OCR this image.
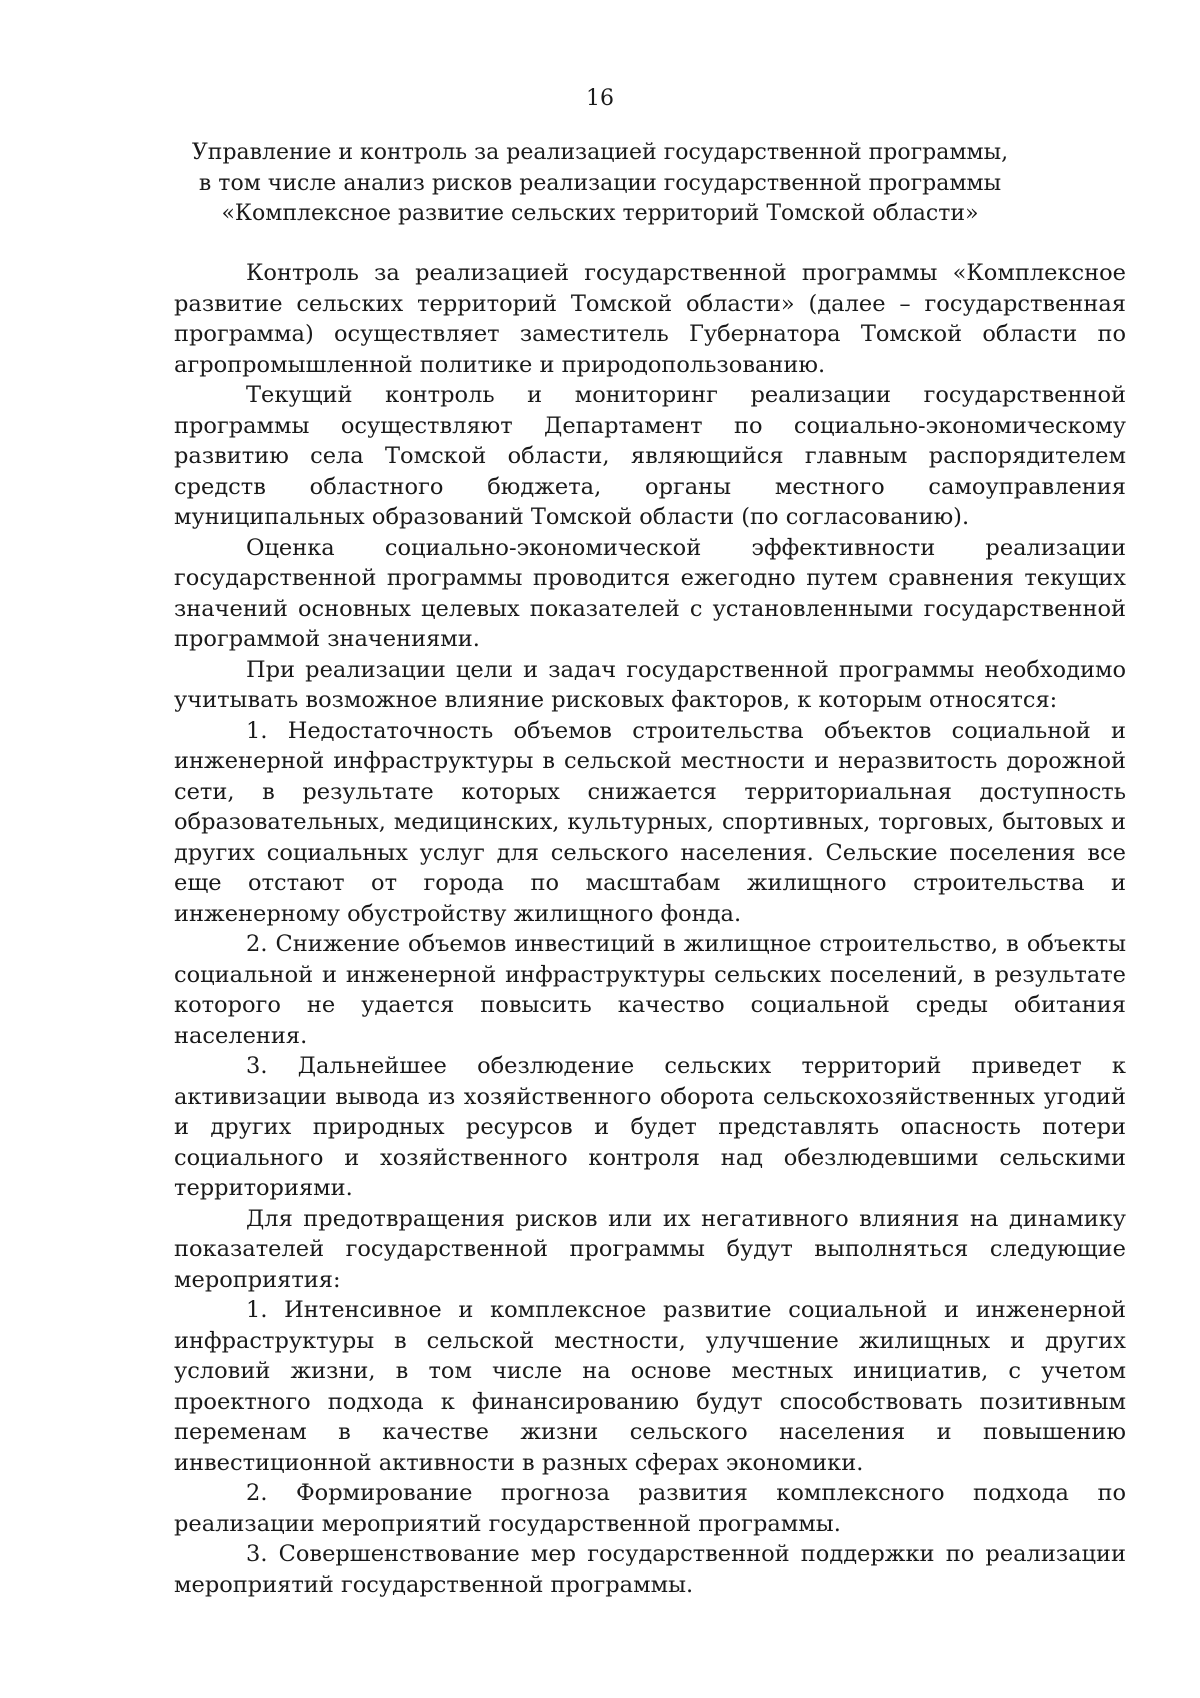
16
Управление и контроль за реализацией государственной программы,
в том числе анализ рисков реализации государственной программы
«Комплексное развитие сельских территорий Томской области»

Контроль за реализацией государственной программы «Комплексное развитие сельских территорий Томской области» (далее – государственная программа) осуществляет заместитель Губернатора Томской области по агропромышленной политике и природопользованию.

Текущий контроль и мониторинг реализации государственной программы осуществляют Департамент по социально-экономическому развитию села Томской области, являющийся главным распорядителем средств областного бюджета, органы местного самоуправления муниципальных образований Томской области (по согласованию).

Оценка социально-экономической эффективности реализации государственной программы проводится ежегодно путем сравнения текущих значений основных целевых показателей с установленными государственной программой значениями.

При реализации цели и задач государственной программы необходимо учитывать возможное влияние рисковых факторов, к которым относятся:

1. Недостаточность объемов строительства объектов социальной и инженерной инфраструктуры в сельской местности и неразвитость дорожной сети, в результате которых снижается территориальная доступность образовательных, медицинских, культурных, спортивных, торговых, бытовых и других социальных услуг для сельского населения. Сельские поселения все еще отстают от города по масштабам жилищного строительства и инженерному обустройству жилищного фонда.

2. Снижение объемов инвестиций в жилищное строительство, в объекты социальной и инженерной инфраструктуры сельских поселений, в результате которого не удается повысить качество социальной среды обитания населения.

3. Дальнейшее обезлюдение сельских территорий приведет к активизации вывода из хозяйственного оборота сельскохозяйственных угодий и других природных ресурсов и будет представлять опасность потери социального и хозяйственного контроля над обезлюдевшими сельскими территориями.

Для предотвращения рисков или их негативного влияния на динамику показателей государственной программы будут выполняться следующие мероприятия:

1. Интенсивное и комплексное развитие социальной и инженерной инфраструктуры в сельской местности, улучшение жилищных и других условий жизни, в том числе на основе местных инициатив, с учетом проектного подхода к финансированию будут способствовать позитивным переменам в качестве жизни сельского населения и повышению инвестиционной активности в разных сферах экономики.

2. Формирование прогноза развития комплексного подхода по реализации мероприятий государственной программы.

3. Совершенствование мер государственной поддержки по реализации мероприятий государственной программы.
